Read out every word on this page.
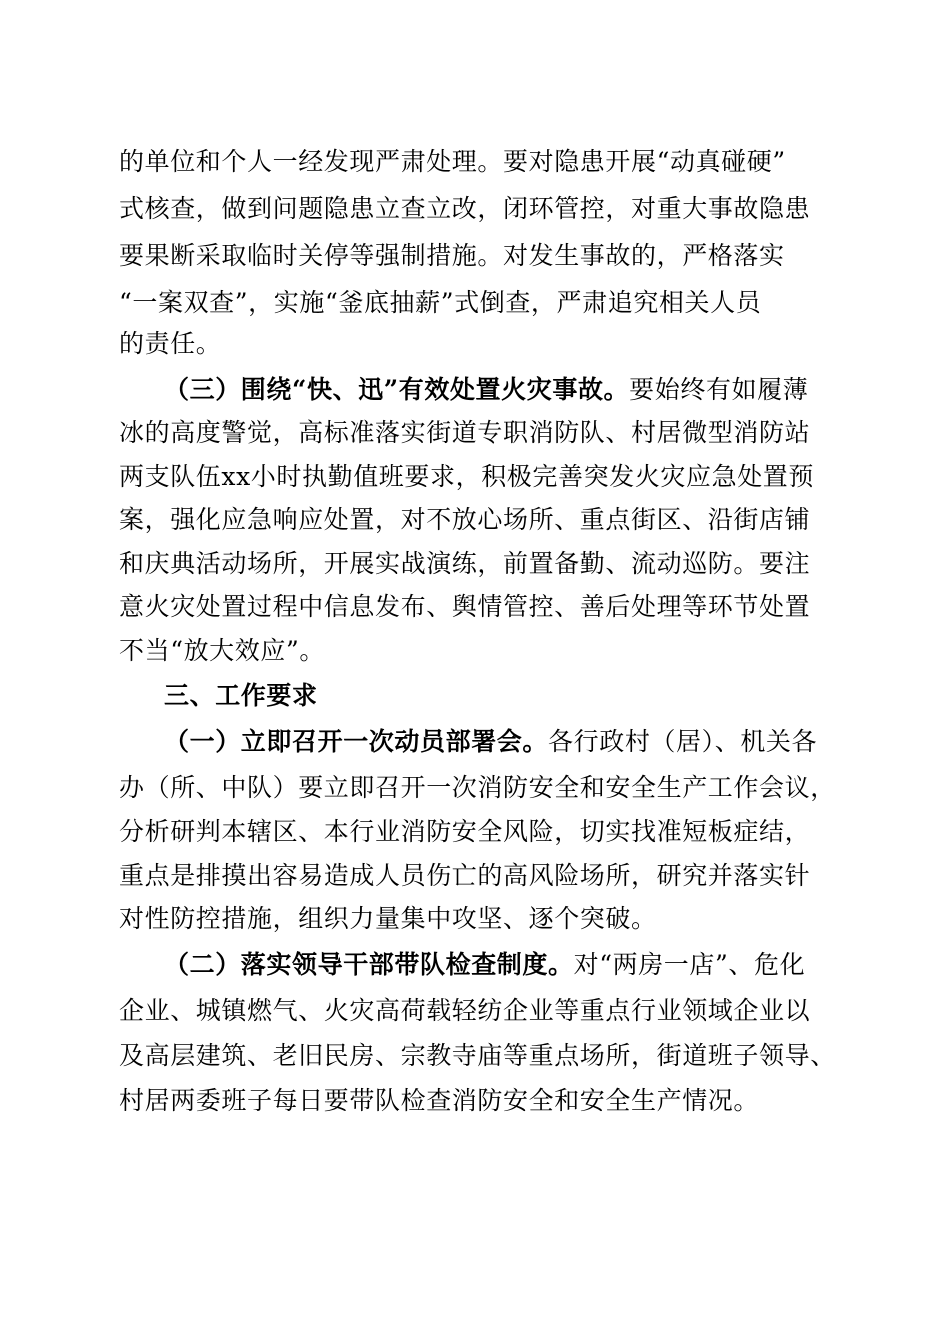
的单位和个人一经发现严肃处理。要对隐患开展“动真碰硬”
式核查，做到问题隐患立查立改，闭环管控，对重大事故隐患
要果断采取临时关停等强制措施。对发生事故的，严格落实
“一案双查”，实施“釜底抽薪”式倒查，严肃追究相关人员
的责任。
（三）围绕“快、迅”有效处置火灾事故。要始终有如履薄
冰的高度警觉，高标准落实街道专职消防队、村居微型消防站
两支队伍xx小时执勤值班要求，积极完善突发火灾应急处置预
案，强化应急响应处置，对不放心场所、重点街区、沿街店铺
和庆典活动场所，开展实战演练，前置备勤、流动巡防。要注
意火灾处置过程中信息发布、舆情管控、善后处理等环节处置
不当“放大效应”。
三、工作要求
（一）立即召开一次动员部署会。各行政村（居）、机关各
办（所、中队）要立即召开一次消防安全和安全生产工作会议，
分析研判本辖区、本行业消防安全风险，切实找准短板症结，
重点是排摸出容易造成人员伤亡的高风险场所，研究并落实针
对性防控措施，组织力量集中攻坚、逐个突破。
（二）落实领导干部带队检查制度。对“两房一店”、危化
企业、城镇燃气、火灾高荷载轻纺企业等重点行业领域企业以
及高层建筑、老旧民房、宗教寺庙等重点场所，街道班子领导、
村居两委班子每日要带队检查消防安全和安全生产情况。
